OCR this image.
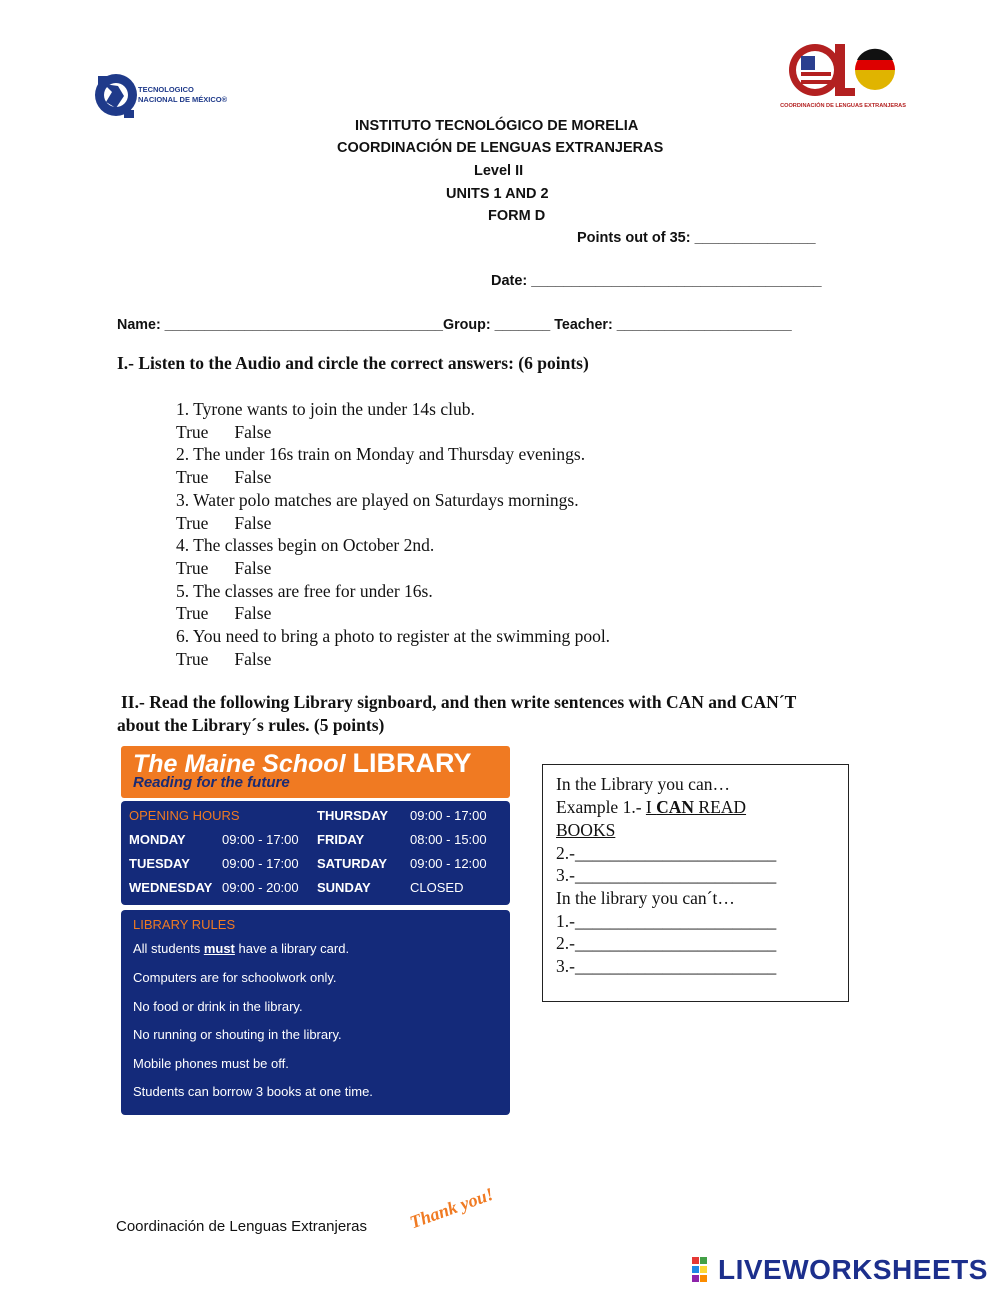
TECNOLOGICO
NACIONAL DE MÉXICO®
COORDINACIÓN DE LENGUAS EXTRANJERAS
INSTITUTO TECNOLÓGICO DE MORELIA
COORDINACIÓN DE LENGUAS EXTRANJERAS
Level II
UNITS 1 AND 2
FORM D
Points out of 35: _______________
Date: ____________________________________
Name: ___________________________________Group: _______ Teacher: ______________________
I.- Listen to the Audio and circle the correct answers: (6 points)
1. Tyrone wants to join the under 14s club.
True False
2. The under 16s train on Monday and Thursday evenings.
True False
3. Water polo matches are played on Saturdays mornings.
True False
4. The classes begin on October 2nd.
True False
5. The classes are free for under 16s.
True False
6. You need to bring a photo to register at the swimming pool.
True False
II.- Read the following Library signboard, and then write sentences with CAN and CAN´T
about the Library´s rules. (5 points)
The Maine School LIBRARY
Reading for the future
OPENING HOURS
MONDAY	09:00 - 17:00
TUESDAY 09:00 - 17:00
WEDNESDAY 09:00 - 20:00
THURSDAY 09:00 - 17:00
FRIDAY	08:00 - 15:00
SATURDAY 09:00 - 12:00
SUNDAY	CLOSED
LIBRARY RULES
All students must have a library card.
Computers are for schoolwork only.
No food or drink in the library.
No running or shouting in the library.
Mobile phones must be off.
Students can borrow 3 books at one time.
Thank you!
In the Library you can…
Example 1.- I CAN READ
BOOKS
2.-_______________________
3.-_______________________
In the library you can´t…
1.-_______________________
2.-_______________________
3.-_______________________
Coordinación de Lenguas Extranjeras
LIVEWORKSHEETS
